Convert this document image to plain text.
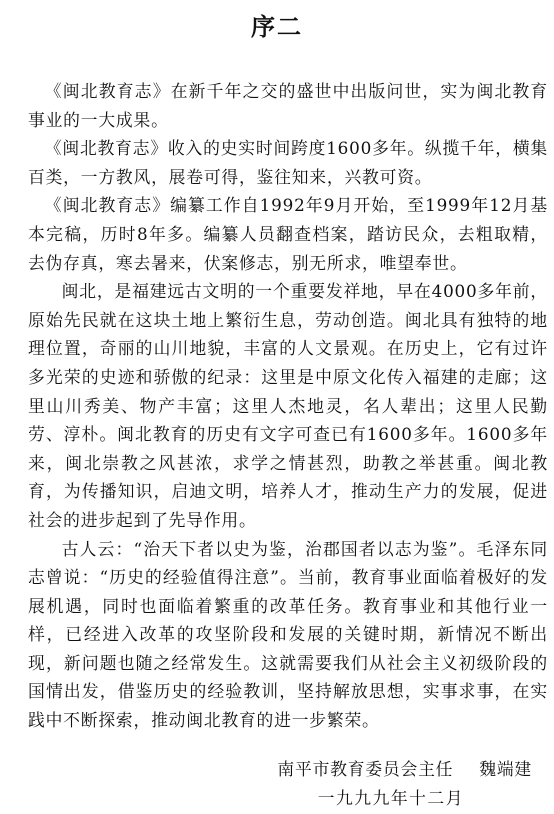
序二

《闽北教育志》在新千年之交的盛世中出版问世，实为闽北教育事业的一大成果。

《闽北教育志》收入的史实时间跨度1600多年。纵揽千年，横集百类，一方教风，展卷可得，鉴往知来，兴教可资。

《闽北教育志》编纂工作自1992年9月开始，至1999年12月基本完稿，历时8年多。编纂人员翻查档案，踏访民众，去粗取精，去伪存真，寒去暑来，伏案修志，别无所求，唯望奉世。

闽北，是福建远古文明的一个重要发祥地，早在4000多年前，原始先民就在这块土地上繁衍生息，劳动创造。闽北具有独特的地理位置，奇丽的山川地貌，丰富的人文景观。在历史上，它有过许多光荣的史迹和骄傲的纪录：这里是中原文化传入福建的走廊；这里山川秀美、物产丰富；这里人杰地灵，名人辈出；这里人民勤劳、淳朴。闽北教育的历史有文字可查已有1600多年。1600多年来，闽北崇教之风甚浓，求学之情甚烈，助教之举甚重。闽北教育，为传播知识，启迪文明，培养人才，推动生产力的发展，促进社会的进步起到了先导作用。

古人云：“治天下者以史为鉴，治郡国者以志为鉴”。毛泽东同志曾说：“历史的经验值得注意”。当前，教育事业面临着极好的发展机遇，同时也面临着繁重的改革任务。教育事业和其他行业一样，已经进入改革的攻坚阶段和发展的关键时期，新情况不断出现，新问题也随之经常发生。这就需要我们从社会主义初级阶段的国情出发，借鉴历史的经验教训，坚持解放思想，实事求事，在实践中不断探索，推动闽北教育的进一步繁荣。

南平市教育委员会主任 魏端建
一九九九年十二月
